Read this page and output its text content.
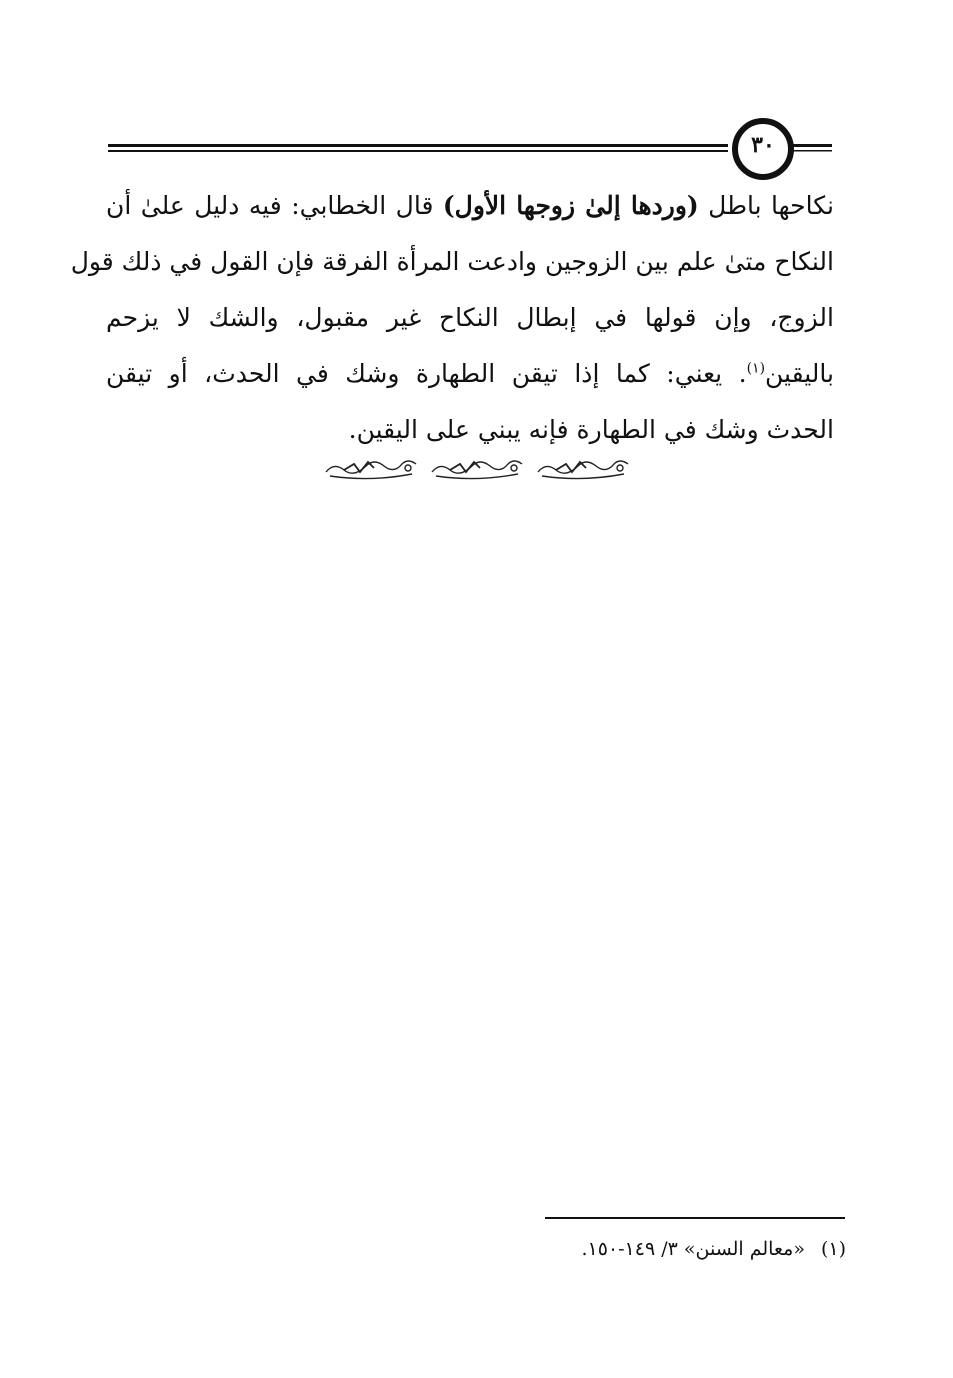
٣٠
نكاحها باطل (وردها إلىٰ زوجها الأول) قال الخطابي: فيه دليل علىٰ أن
النكاح متىٰ علم بين الزوجين وادعت المرأة الفرقة فإن القول في ذلك قول
الزوج، وإن قولها في إبطال النكاح غير مقبول، والشك لا يزحم
باليقين$^{(١)}$. يعني: كما إذا تيقن الطهارة وشك في الحدث، أو تيقن
الحدث وشك في الطهارة فإنه يبني على اليقين.
(١)«معالم السنن» ٣/ ١٤٩-١٥٠.
